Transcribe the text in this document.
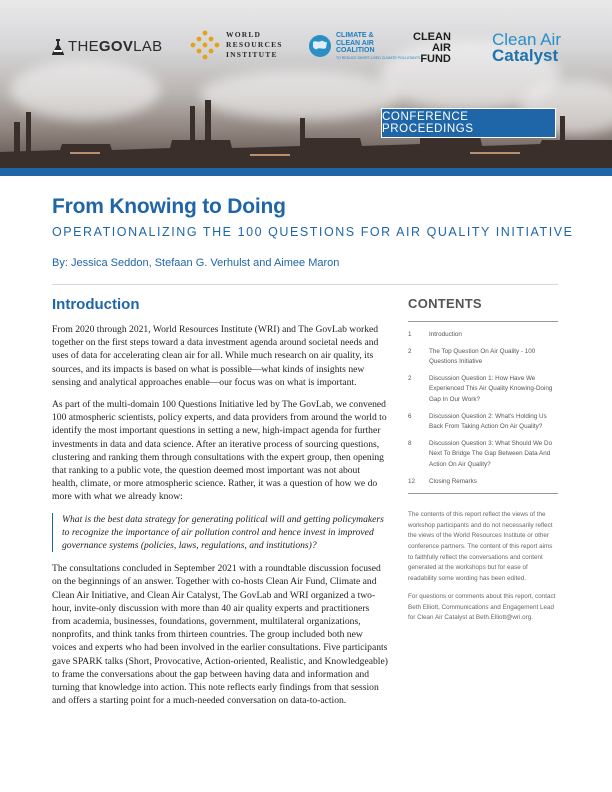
THE GOV LAB
WORLD
RESOURCES
INSTITUTE
CLIMATE &
CLEAN AIR
COALITION
TO REDUCE SHORT-LIVED CLIMATE POLLUTANTS
CLEAN
AIR
FUND
Clean Air
Catalyst
CONFERENCE PROCEEDINGS
From Knowing to Doing
OPERATIONALIZING THE 100 QUESTIONS FOR AIR QUALITY INITIATIVE
By: Jessica Seddon, Stefaan G. Verhulst and Aimee Maron
Introduction

From 2020 through 2021, World Resources Institute (WRI) and The GovLab worked together on the first steps toward a data investment agenda around societal needs and uses of data for accelerating clean air for all. While much research on air quality, its sources, and its impacts is based on what is possible—what kinds of insights new sensing and analytical approaches enable—our focus was on what is important.

As part of the multi-domain 100 Questions Initiative led by The GovLab, we convened 100 atmospheric scientists, policy experts, and data providers from around the world to identify the most important questions in setting a new, high-impact agenda for further investments in data and data science. After an iterative process of sourcing questions, clustering and ranking them through consultations with the expert group, then opening that ranking to a public vote, the question deemed most important was not about health, climate, or more atmospheric science. Rather, it was a question of how we do more with what we already know:

What is the best data strategy for generating political will and getting policymakers to recognize the importance of air pollution control and hence invest in improved governance systems (policies, laws, regulations, and institutions)?

The consultations concluded in September 2021 with a roundtable discussion focused on the beginnings of an answer. Together with co-hosts Clean Air Fund, Climate and Clean Air Initiative, and Clean Air Catalyst, The GovLab and WRI organized a two-hour, invite-only discussion with more than 40 air quality experts and practitioners from academia, businesses, foundations, government, multilateral organizations, nonprofits, and think tanks from thirteen countries. The group included both new voices and experts who had been involved in the earlier consultations. Five participants gave SPARK talks (Short, Provocative, Action-oriented, Realistic, and Knowledgeable) to frame the conversations about the gap between having data and information and turning that knowledge into action. This note reflects early findings from that session and offers a starting point for a much-needed conversation on data-to-action.

CONTENTS
1	Introduction
2	The Top Question On Air Quality - 100 Questions Initiative
2	Discussion Question 1: How Have We Experienced This Air Quality Knowing-Doing Gap In Our Work?
6	Discussion Question 2: What's Holding Us Back From Taking Action On Air Quality?
8	Discussion Question 3: What Should We Do Next To Bridge The Gap Between Data And Action On Air Quality?
12	Closing Remarks

The contents of this report reflect the views of the workshop participants and do not necessarily reflect the views of the World Resources Institute or other conference partners. The content of this report aims to faithfully reflect the conversations and content generated at the workshops but for ease of readability some wording has been edited.

For questions or comments about this report, contact Beth Elliott, Communications and Engagement Lead for Clean Air Catalyst at Beth.Elliott@wri.org.
